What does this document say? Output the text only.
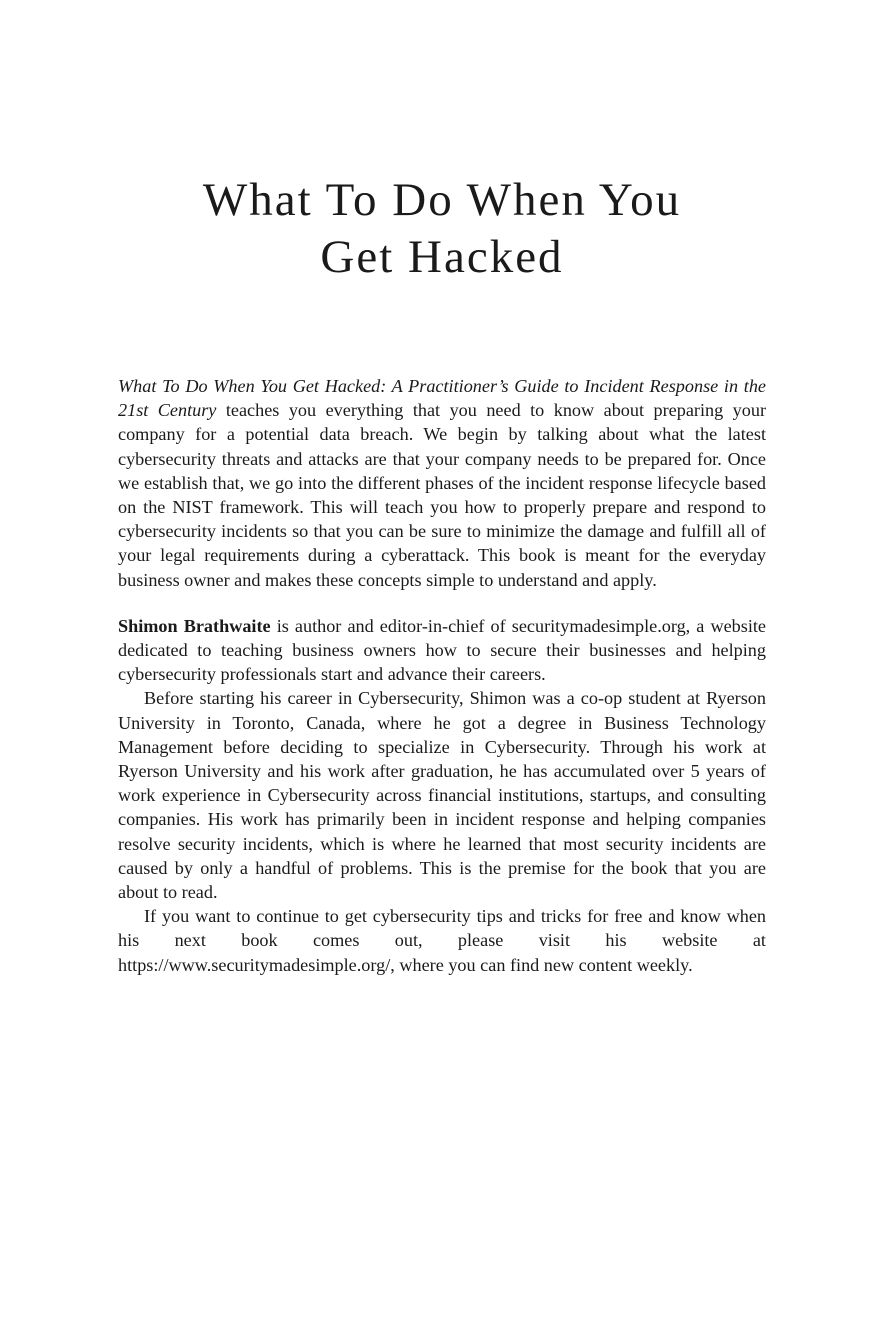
What To Do When You
Get Hacked

What To Do When You Get Hacked: A Practitioner’s Guide to Incident Response in the 21st Century teaches you everything that you need to know about preparing your company for a potential data breach. We begin by talking about what the latest cybersecurity threats and attacks are that your company needs to be prepared for. Once we establish that, we go into the different phases of the incident response lifecycle based on the NIST framework. This will teach you how to properly prepare and respond to cybersecurity incidents so that you can be sure to minimize the damage and fulfill all of your legal requirements during a cyberattack. This book is meant for the everyday business owner and makes these concepts simple to understand and apply.

Shimon Brathwaite is author and editor-in-chief of securitymadesimple.org, a website dedicated to teaching business owners how to secure their businesses and helping cybersecurity professionals start and advance their careers.

Before starting his career in Cybersecurity, Shimon was a co-op student at Ryerson University in Toronto, Canada, where he got a degree in Business Technology Management before deciding to specialize in Cybersecurity. Through his work at Ryerson University and his work after graduation, he has accumulated over 5 years of work experience in Cybersecurity across financial institutions, startups, and consulting companies. His work has primarily been in incident response and helping companies resolve security incidents, which is where he learned that most security incidents are caused by only a handful of problems. This is the premise for the book that you are about to read.

If you want to continue to get cybersecurity tips and tricks for free and know when his next book comes out, please visit his website at https://www.securitymadesimple.org/, where you can find new content weekly.
